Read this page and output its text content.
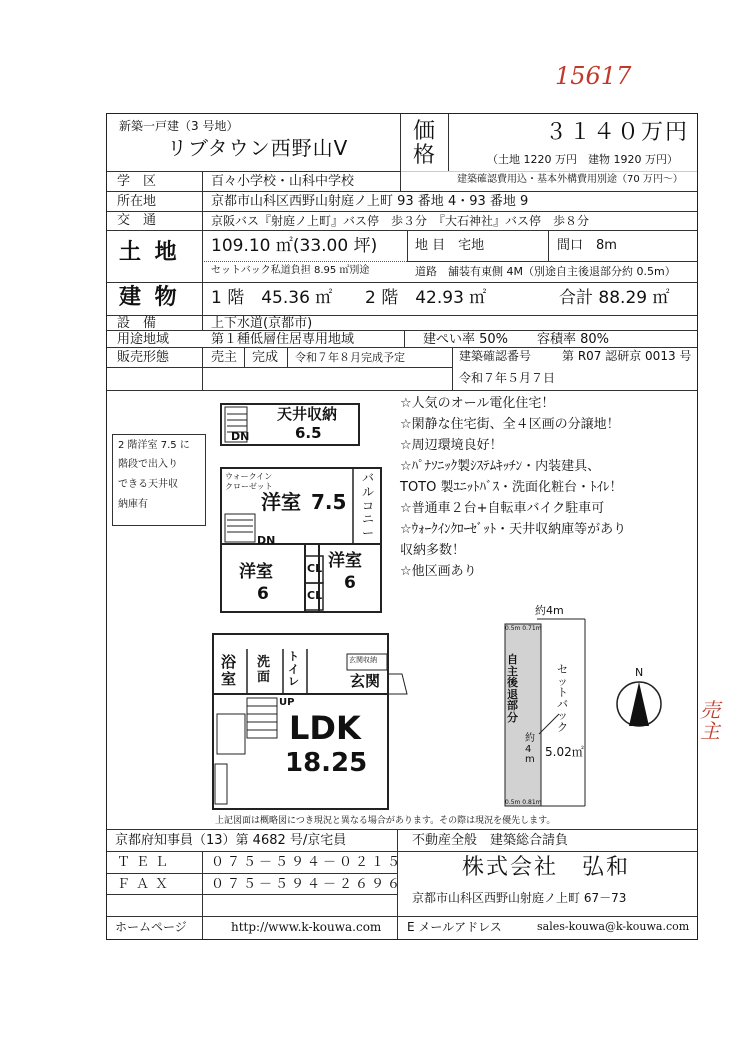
15617
売主
新築一戸建（3 号地）
リブタウン西野山Ⅴ
価格
３１４０万円
（土地 1220 万円　建物 1920 万円）
建築確認費用込・基本外構費用別途（70 万円～）
学　区	百々小学校・山科中学校
所在地	京都市山科区西野山射庭ノ上町 93 番地 4・93 番地 9
交　通	京阪バス『射庭ノ上町』バス停　歩３分　『大石神社』バス停　歩８分
土 地 109.10 ㎡(33.00 坪)
セットバック私道負担 8.95 ㎡別途
地 目　宅地	間口　8m
道路　舗装有東側 4M（別途自主後退部分約 0.5m）
建 物 1 階　45.36 ㎡ 2 階　42.93 ㎡	合計 88.29 ㎡
設　備	上下水道(京都市)
用途地域	第１種低層住居専用地域	建ぺい率 50% 容積率 80%
販売形態	売主 完成 令和７年８月完成予定	建築確認番号	第 R07 認研京 0013 号
令和７年５月７日
2 階洋室 7.5 に
階段で出入り
できる天井収
納庫有
☆人気のオール電化住宅！
☆閑静な住宅街、全４区画の分譲地！
☆周辺環境良好！
☆ﾊﾟﾅｿﾆｯｸ製ｼｽﾃﾑｷｯﾁﾝ・内装建具、
TOTO 製ﾕﾆｯﾄﾊﾞｽ・洗面化粧台・ﾄｲﾚ！
☆普通車２台+自転車バイク駐車可
☆ｳｫｰｸｲﾝｸﾛｰｾﾞｯﾄ・天井収納庫等があり
収納多数！
☆他区画あり
上記図面は概略図につき現況と異なる場合があります。その際は現況を優先します。
京都府知事員（13）第 4682 号/京宅員
ＴＥＬ	０７５－５９４－０２１５
ＦＡＸ	０７５－５９４－２６９６
ホームページ	http://www.k-kouwa.com
不動産全般　建築総合請負
株式会社　弘和
京都市山科区西野山射庭ノ上町 67－73
E メールアドレス	sales-kouwa@k-kouwa.com
天井収納
6.5
DN
ウォークイン
クローゼット
洋室 7.5
バ
ル
コ
ニ
ー
DN
洋室
6
CL
CL
洋室
6
浴
室
洗
面
ト
イ
レ
玄関収納
玄関
UP
LDK
18.25
約4m
0.5m 0.71m
0.5m 0.81m
自
主
後
退
部
分
約
4
m
セ
ッ
ト
バ
ッ
ク
5.02㎡
N
